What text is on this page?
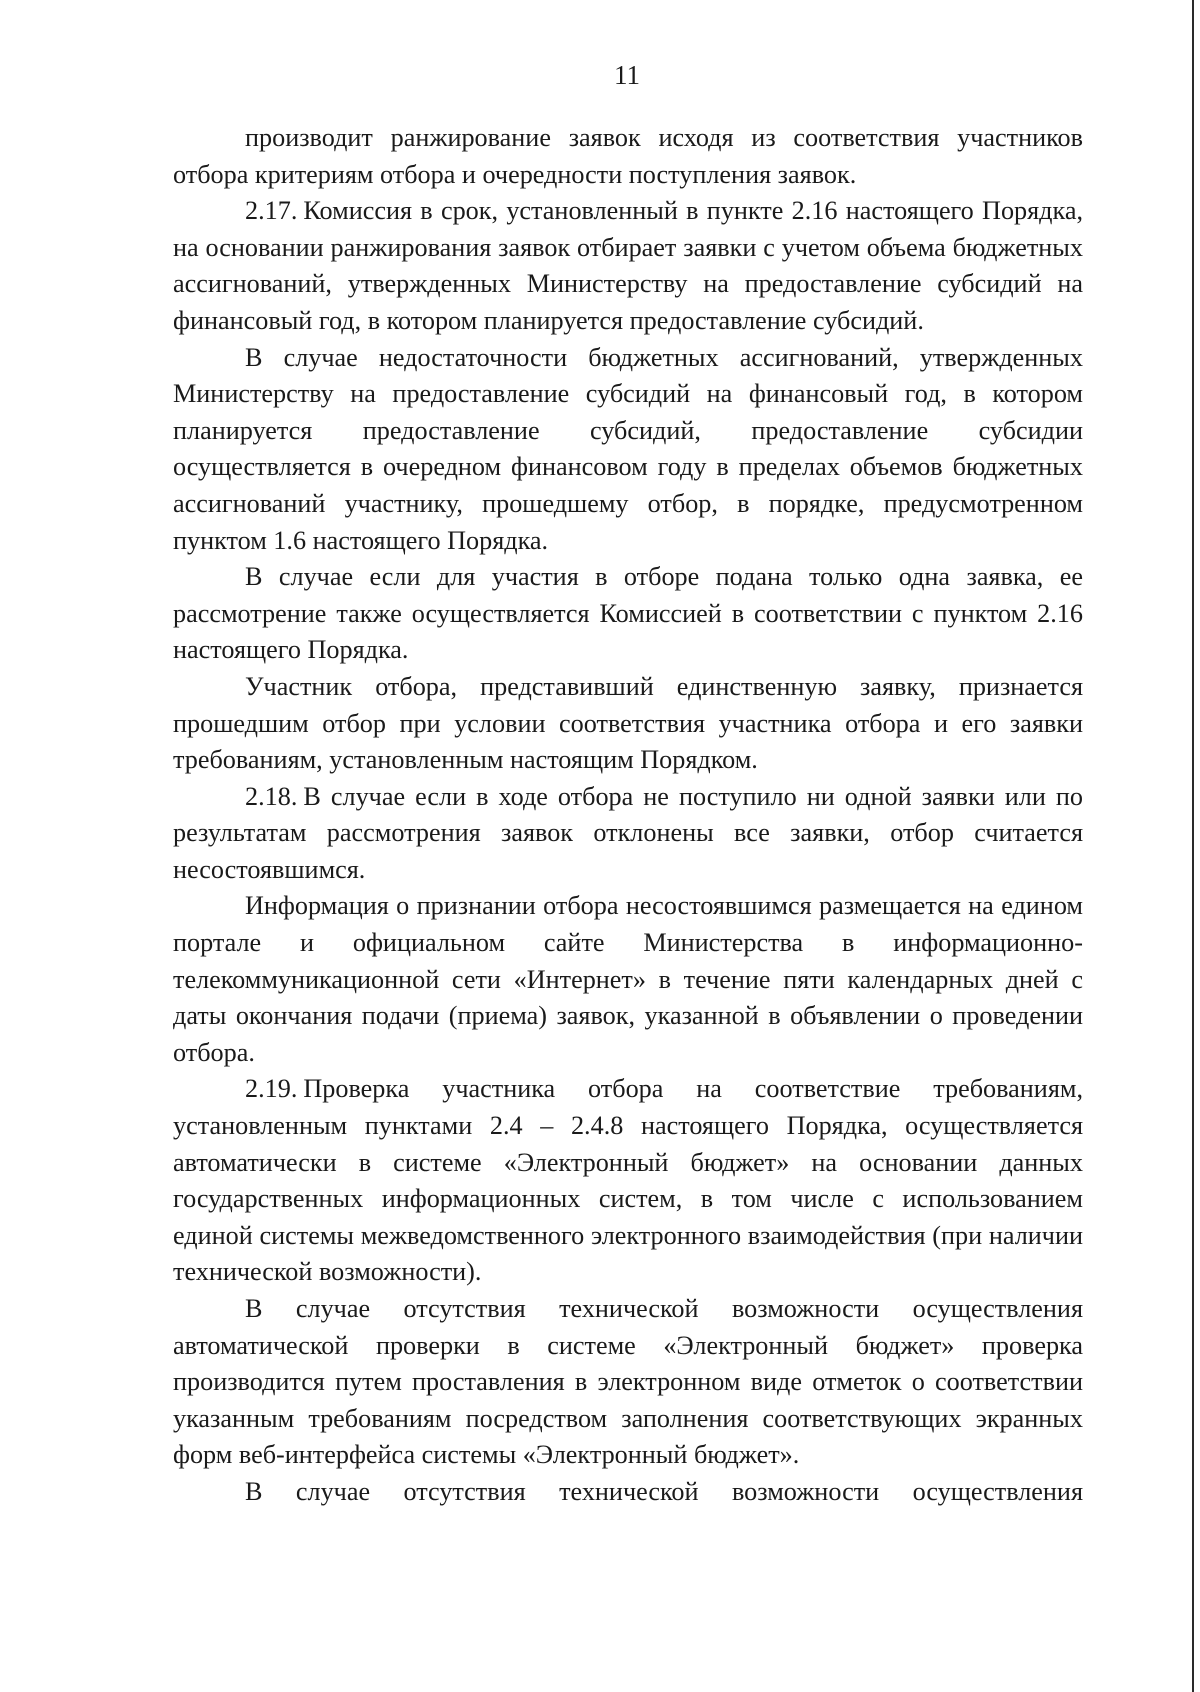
11

производит ранжирование заявок исходя из соответствия участников отбора критериям отбора и очередности поступления заявок.

2.17. Комиссия в срок, установленный в пункте 2.16 настоящего Порядка, на основании ранжирования заявок отбирает заявки с учетом объема бюджетных ассигнований, утвержденных Министерству на предоставление субсидий на финансовый год, в котором планируется предоставление субсидий.

В случае недостаточности бюджетных ассигнований, утвержденных Министерству на предоставление субсидий на финансовый год, в котором планируется предоставление субсидий, предоставление субсидии осуществляется в очередном финансовом году в пределах объемов бюджетных ассигнований участнику, прошедшему отбор, в порядке, предусмотренном пунктом 1.6 настоящего Порядка.

В случае если для участия в отборе подана только одна заявка, ее рассмотрение также осуществляется Комиссией в соответствии с пунктом 2.16 настоящего Порядка.

Участник отбора, представивший единственную заявку, признается прошедшим отбор при условии соответствия участника отбора и его заявки требованиям, установленным настоящим Порядком.

2.18. В случае если в ходе отбора не поступило ни одной заявки или по результатам рассмотрения заявок отклонены все заявки, отбор считается несостоявшимся.

Информация о признании отбора несостоявшимся размещается на едином портале и официальном сайте Министерства в информационно-телекоммуникационной сети «Интернет» в течение пяти календарных дней с даты окончания подачи (приема) заявок, указанной в объявлении о проведении отбора.

2.19. Проверка участника отбора на соответствие требованиям, установленным пунктами 2.4 – 2.4.8 настоящего Порядка, осуществляется автоматически в системе «Электронный бюджет» на основании данных государственных информационных систем, в том числе с использованием единой системы межведомственного электронного взаимодействия (при наличии технической возможности).

В случае отсутствия технической возможности осуществления автоматической проверки в системе «Электронный бюджет» проверка производится путем проставления в электронном виде отметок о соответствии указанным требованиям посредством заполнения соответствующих экранных форм веб-интерфейса системы «Электронный бюджет».

В случае отсутствия технической возможности осуществления
